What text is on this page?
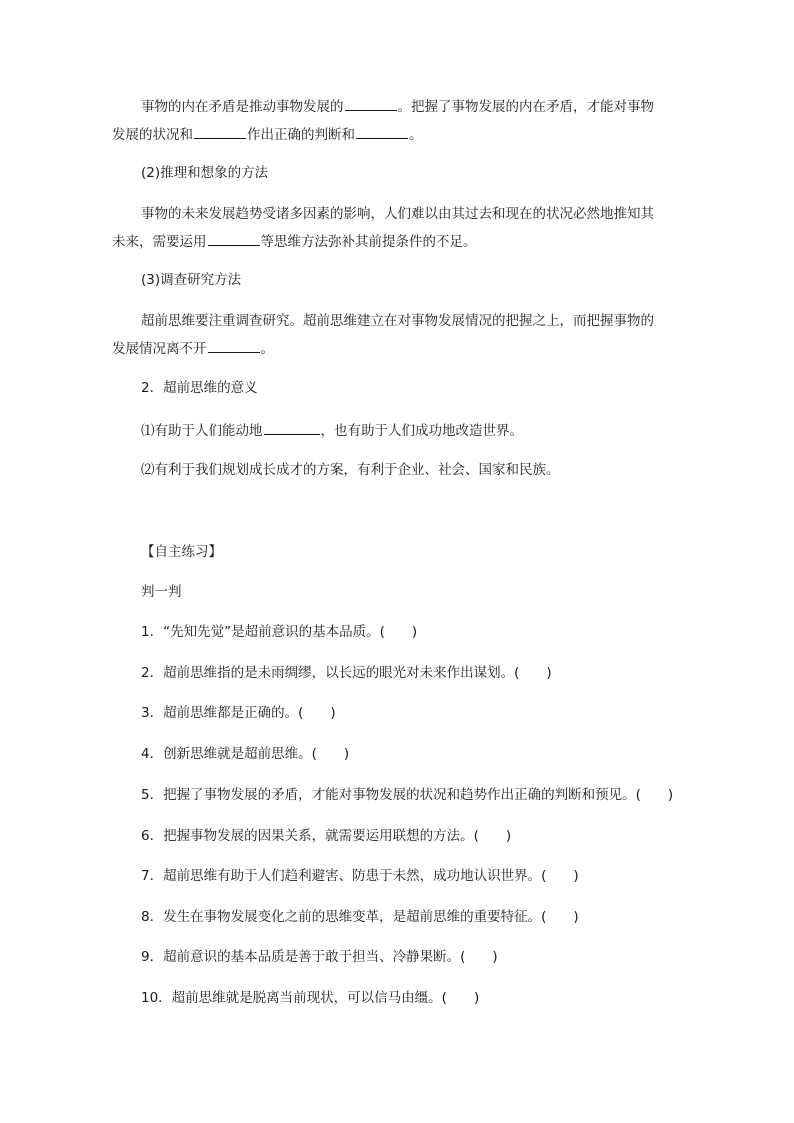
事物的内在矛盾是推动事物发展的	。把握了事物发展的内在矛盾，才能对事物
发展的状况和	作出正确的判断和	。
(2)推理和想象的方法
事物的未来发展趋势受诸多因素的影响，人们难以由其过去和现在的状况必然地推知其
未来，需要运用	等思维方法弥补其前提条件的不足。
(3)调查研究方法
超前思维要注重调查研究。超前思维建立在对事物发展情况的把握之上，而把握事物的
发展情况离不开	。
2．超前思维的意义
⑴有助于人们能动地	，也有助于人们成功地改造世界。
⑵有利于我们规划成长成才的方案，有利于企业、社会、国家和民族。
【自主练习】
判一判
1．“先知先觉”是超前意识的基本品质。(　　)
2．超前思维指的是未雨绸缪，以长远的眼光对未来作出谋划。(　　)
3．超前思维都是正确的。(　　)
4．创新思维就是超前思维。(　　)
5．把握了事物发展的矛盾，才能对事物发展的状况和趋势作出正确的判断和预见。(　　)
6．把握事物发展的因果关系，就需要运用联想的方法。(　　)
7．超前思维有助于人们趋利避害、防患于未然，成功地认识世界。(　　)
8．发生在事物发展变化之前的思维变革，是超前思维的重要特征。(　　)
9．超前意识的基本品质是善于敢于担当、冷静果断。(　　)
10．超前思维就是脱离当前现状，可以信马由缰。(　　)
